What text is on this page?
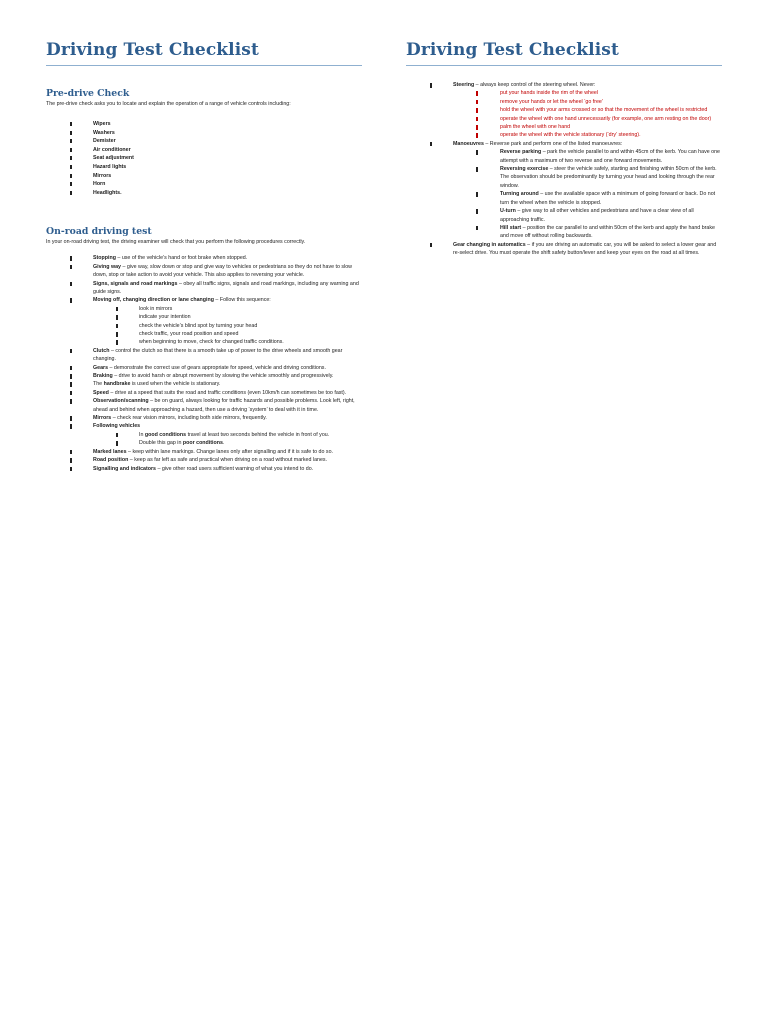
Driving Test Checklist
Pre-drive Check

The pre-drive check asks you to locate and explain the operation of a range of vehicle controls including:

Wipers
Washers
Demister
Air conditioner
Seat adjustment
Hazard lights
Mirrors
Horn
Headlights.
On-road driving test

In your on-road driving test, the driving examiner will check that you perform the following procedures correctly.

Stopping – use of the vehicle’s hand or foot brake when stopped.
Giving way – give way, slow down or stop and give way to vehicles or pedestrians so they do not have to slow down, stop or take action to avoid your vehicle. This also applies to reversing your vehicle.
Signs, signals and road markings – obey all traffic signs, signals and road markings, including any warning and guide signs.
Moving off, changing direction or lane changing – Follow this sequence:
look in mirrors
indicate your intention
check the vehicle’s blind spot by turning your head
check traffic, your road position and speed
when beginning to move, check for changed traffic conditions.
Clutch – control the clutch so that there is a smooth take up of power to the drive wheels and smooth gear changing.
Gears – demonstrate the correct use of gears appropriate for speed, vehicle and driving conditions.
Braking – drive to avoid harsh or abrupt movement by slowing the vehicle smoothly and progressively.
The handbrake is used when the vehicle is stationary.
Speed – drive at a speed that suits the road and traffic conditions (even 10km/h can sometimes be too fast).
Observation/scanning – be on guard, always looking for traffic hazards and possible problems. Look left, right, ahead and behind when approaching a hazard, then use a driving ‘system’ to deal with it in time.
Mirrors – check rear vision mirrors, including both side mirrors, frequently.
Following vehicles
In good conditions travel at least two seconds behind the vehicle in front of you.
Double this gap in poor conditions.
Marked lanes – keep within lane markings. Change lanes only after signalling and if it is safe to do so.
Road position – keep as far left as safe and practical when driving on a road without marked lanes.
Signalling and indicators – give other road users sufficient warning of what you intend to do.
Driving Test Checklist
Steering – always keep control of the steering wheel. Never:
put your hands inside the rim of the wheel
remove your hands or let the wheel ‘go free’
hold the wheel with your arms crossed or so that the movement of the wheel is restricted
operate the wheel with one hand unnecessarily (for example, one arm resting on the door)
palm the wheel with one hand
operate the wheel with the vehicle stationary (‘dry’ steering).
Manoeuvres – Reverse park and perform one of the listed manoeuvres:
Reverse parking – park the vehicle parallel to and within 45cm of the kerb. You can have one attempt with a maximum of two reverse and one forward movements.
Reversing exercise – steer the vehicle safely, starting and finishing within 50cm of the kerb. The observation should be predominantly by turning your head and looking through the rear window.
Turning around – use the available space with a minimum of going forward or back. Do not turn the wheel when the vehicle is stopped.
U-turn – give way to all other vehicles and pedestrians and have a clear view of all approaching traffic.
Hill start – position the car parallel to and within 50cm of the kerb and apply the hand brake and move off without rolling backwards.
Gear changing in automatics – if you are driving an automatic car, you will be asked to select a lower gear and re-select drive. You must operate the shift safety button/lever and keep your eyes on the road at all times.
